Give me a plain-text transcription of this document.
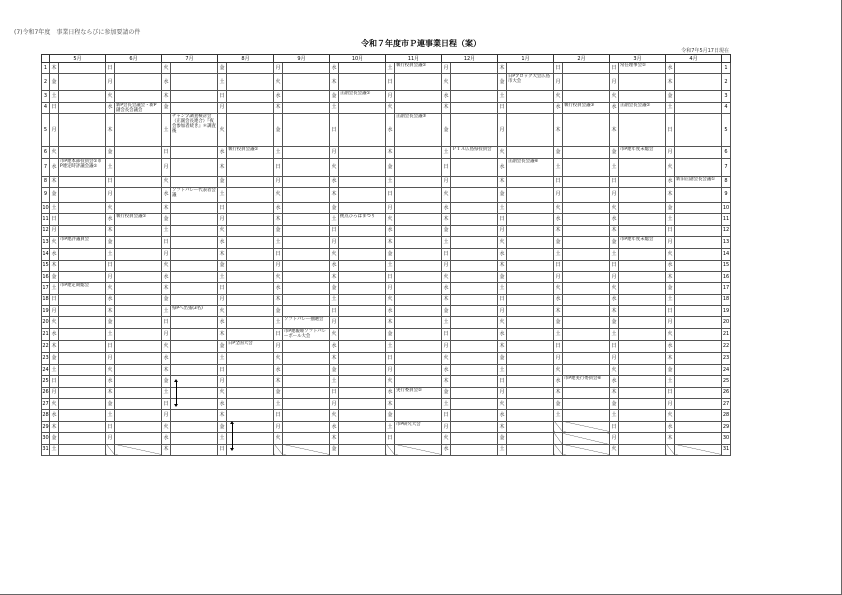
(7)令和7年度　事業日程ならびに参加要請の件
令和７年度市Ｐ連事業日程（案）
令和7年5月17日現在
	5月		6月		7月		8月		9月		10月		11月		12月		1月		2月		3月		4月		
1	木		日		火		金		月		水		土	執行役員会議②	月		木		日		日	常任理事会②	水		1
2	金		月		水		土		火		木		日		火		金	日Pブロック大会広島市大会	月		月		木		2
3	土		火		木		日		水		金	正副会長会議①	月		水		土		火		火		金		3
4	日		水	新P会長会議会・新P副会長会議会	金		月		木		土		火		木		日		水	執行役員会議③	水	正副会長会議②	土		4
5	月		木		土	チャンプ調査検討会（正副会長連合）『夜会参加者続き』＊調査後	火		金		日		水	正副会長会議⑤	金		月		木		木		日		5
6	火		金		日		水	執行役員会議②	土		月		木		土	ＰＴＡ広島県役員会	火		金		金	市P連年度末総会	月		6
7	水	市P連本部役員会①市P連定時評議会議②	土		月		木		日		火		金		日		水	正副会長会議⑥	土		土		火		7
8	木		日		火		金		月		水		土		月		木		日		日		水	新旧正副会長会議①	8
9	金		月		水	ソフトバレー代表者会議	土		火		木		日		火		金		月		月		木		9
10	土		火		木		日		水		金		月		水		土		火		火		金		10
11	日		水	執行役員会議①	金		月		木		土	拠点ひろばまつり	火		木		日		水		水		土		11
12	月		木		土		火		金		日		水		金		月		木		木		日		12
13	火	市P連評議員会	金		日		水		土		月		木		土		火		金		金	市P連年度末総会	月		13
14	水		土		月		木		日		火		金		日		水		土		土		火		14
15	木		日		火		金		月		水		土		月		木		日		日		水		15
16	金		月		水		土		火		木		日		火		金		月		月		木		16
17	土	市P連定期総会	火		木		日		水		金		月		水		土		火		火		金		17
18	日		水		金		月		木		土		火		木		日		水		水		土		18
19	月		木		土	県Pへ出張(3名)	火		金		日		水		金		月		木		木		日		19
20	火		金		日		水		土	ソフトバレー抽選会	月		木		土		火		金		金		月		20
21	水		土		月		木		日	市P連親睦ソフトバレーボール大会	火		金		日		水		土		土		火		21
22	木		日		火		金	日P全国大会	月		水		土		月		木		日		日		水		22
23	金		月		水		土		火		木		日		火		金		月		月		木		23
24	土		火		木		日		水		金		月		水		土		火		火		金		24
25	日		水		金		月		木		土		火		木		日		水	市P連実行委員会⑥	水		土		25
26	月		木		土		火		金		日		水	実行委員会②	金		月		木		木		日		26
27	火		金		日		水		土		月		木		土		火		金		金		月		27
28	水		土		月		木		日		火		金		日		水		土		土		火		28
29	木		日		火		金		月		水		土	市P研究大会	月		木				日		水		29
30	金		月		水		土		火		木		日		火		金				月		木		30
31	土				木		日				金				水		土				火				31
